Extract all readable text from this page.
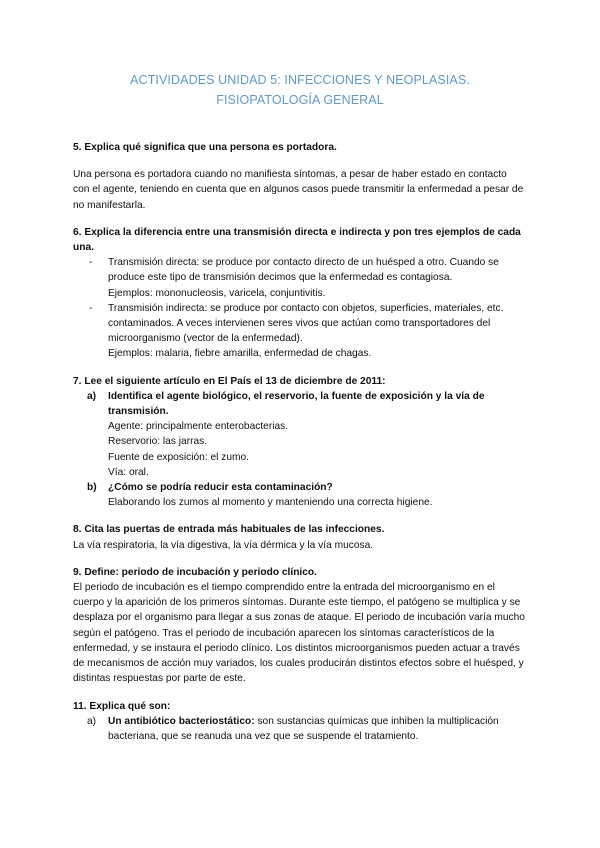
ACTIVIDADES UNIDAD 5: INFECCIONES Y NEOPLASIAS.
FISIOPATOLOGÍA GENERAL

5. Explica qué significa que una persona es portadora.

Una persona es portadora cuando no manifiesta síntomas, a pesar de haber estado en contacto con el agente, teniendo en cuenta que en algunos casos puede transmitir la enfermedad a pesar de no manifestarla.

6. Explica la diferencia entre una transmisión directa e indirecta y pon tres ejemplos de cada una.

- Transmisión directa: se produce por contacto directo de un huésped a otro. Cuando se produce este tipo de transmisión decimos que la enfermedad es contagiosa.

Ejemplos: mononucleosis, varicela, conjuntivitis.

- Transmisión indirecta: se produce por contacto con objetos, superficies, materiales, etc. contaminados. A veces intervienen seres vivos que actúan como transportadores del microorganismo (vector de la enfermedad).

Ejemplos: malaria, fiebre amarilla, enfermedad de chagas.

7. Lee el siguiente artículo en El País el 13 de diciembre de 2011:

a) Identifica el agente biológico, el reservorio, la fuente de exposición y la vía de transmisión.

Agente: principalmente enterobacterias.

Reservorio: las jarras.

Fuente de exposición: el zumo.

Vía: oral.

b) ¿Cómo se podría reducir esta contaminación?

Elaborando los zumos al momento y manteniendo una correcta higiene.

8. Cita las puertas de entrada más habituales de las infecciones.

La vía respiratoria, la vía digestiva, la vía dérmica y la vía mucosa.

9. Define: periodo de incubación y periodo clínico.

El periodo de incubación es el tiempo comprendido entre la entrada del microorganismo en el cuerpo y la aparición de los primeros síntomas. Durante este tiempo, el patógeno se multiplica y se desplaza por el organismo para llegar a sus zonas de ataque. El periodo de incubación varía mucho según el patógeno. Tras el periodo de incubación aparecen los síntomas característicos de la enfermedad, y se instaura el periodo clínico. Los distintos microorganismos pueden actuar a través de mecanismos de acción muy variados, los cuales producirán distintos efectos sobre el huésped, y distintas respuestas por parte de este.

11. Explica qué son:

a) Un antibiótico bacteriostático: son sustancias químicas que inhiben la multiplicación bacteriana, que se reanuda una vez que se suspende el tratamiento.
